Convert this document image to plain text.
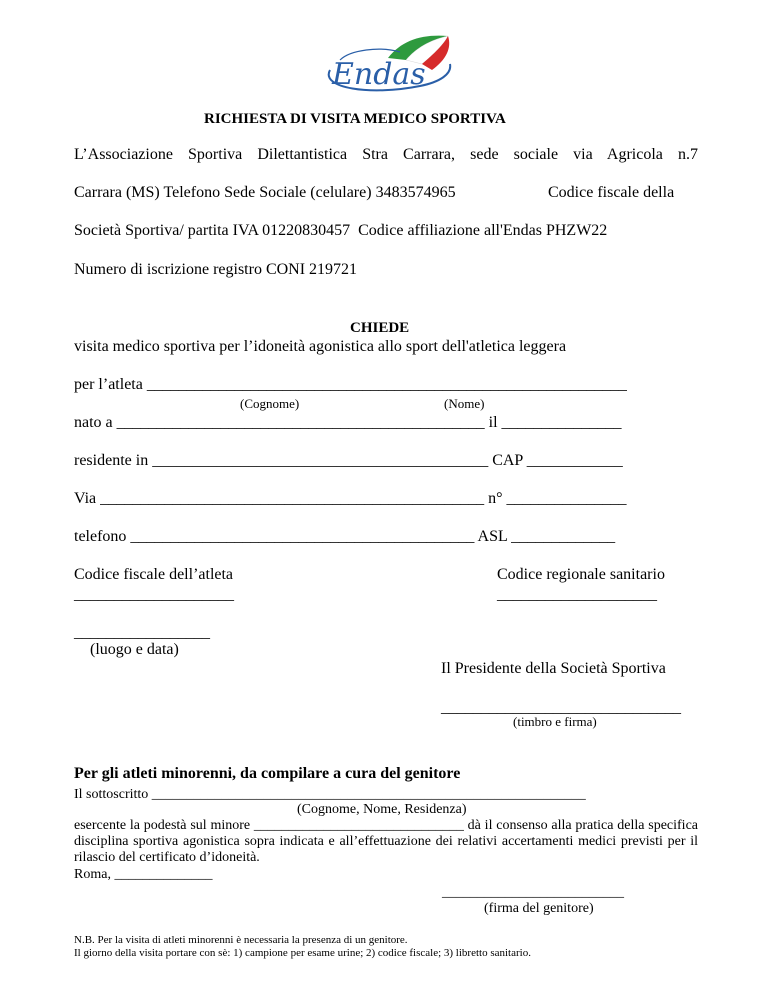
Endas
RICHIESTA DI VISITA MEDICO SPORTIVA
L’Associazione Sportiva Dilettantistica Stra Carrara, sede sociale via Agricola n.7
Carrara (MS) Telefono Sede Sociale (celulare) 3483574965	Codice fiscale della
Società Sportiva/ partita IVA 01220830457  Codice affiliazione all'Endas PHZW22
Numero di iscrizione registro CONI 219721
CHIEDE
visita medico sportiva per l’idoneità agonistica allo sport dell'atletica leggera
per l’atleta ____________________________________________________________
(Cognome)	(Nome)
nato a ______________________________________________ il _______________
residente in __________________________________________ CAP ____________
Via ________________________________________________ n° _______________
telefono ___________________________________________ ASL _____________
Codice fiscale dell’atleta	Codice regionale sanitario
____________________	____________________
_________________
(luogo e data)
Il Presidente della Società Sportiva
______________________________
(timbro e firma)
Per gli atleti minorenni, da compilare a cura del genitore
Il sottoscritto ______________________________________________________________
(Cognome, Nome, Residenza)
esercente la podestà sul minore ______________________________ dà il consenso alla pratica della specifica disciplina sportiva agonistica sopra indicata e all’effettuazione dei relativi accertamenti medici previsti per il rilascio del certificato d’idoneità.
Roma, ______________
__________________________
(firma del genitore)
N.B. Per la visita di atleti minorenni è necessaria la presenza di un genitore.
Il giorno della visita portare con sè: 1) campione per esame urine; 2) codice fiscale; 3) libretto sanitario.
